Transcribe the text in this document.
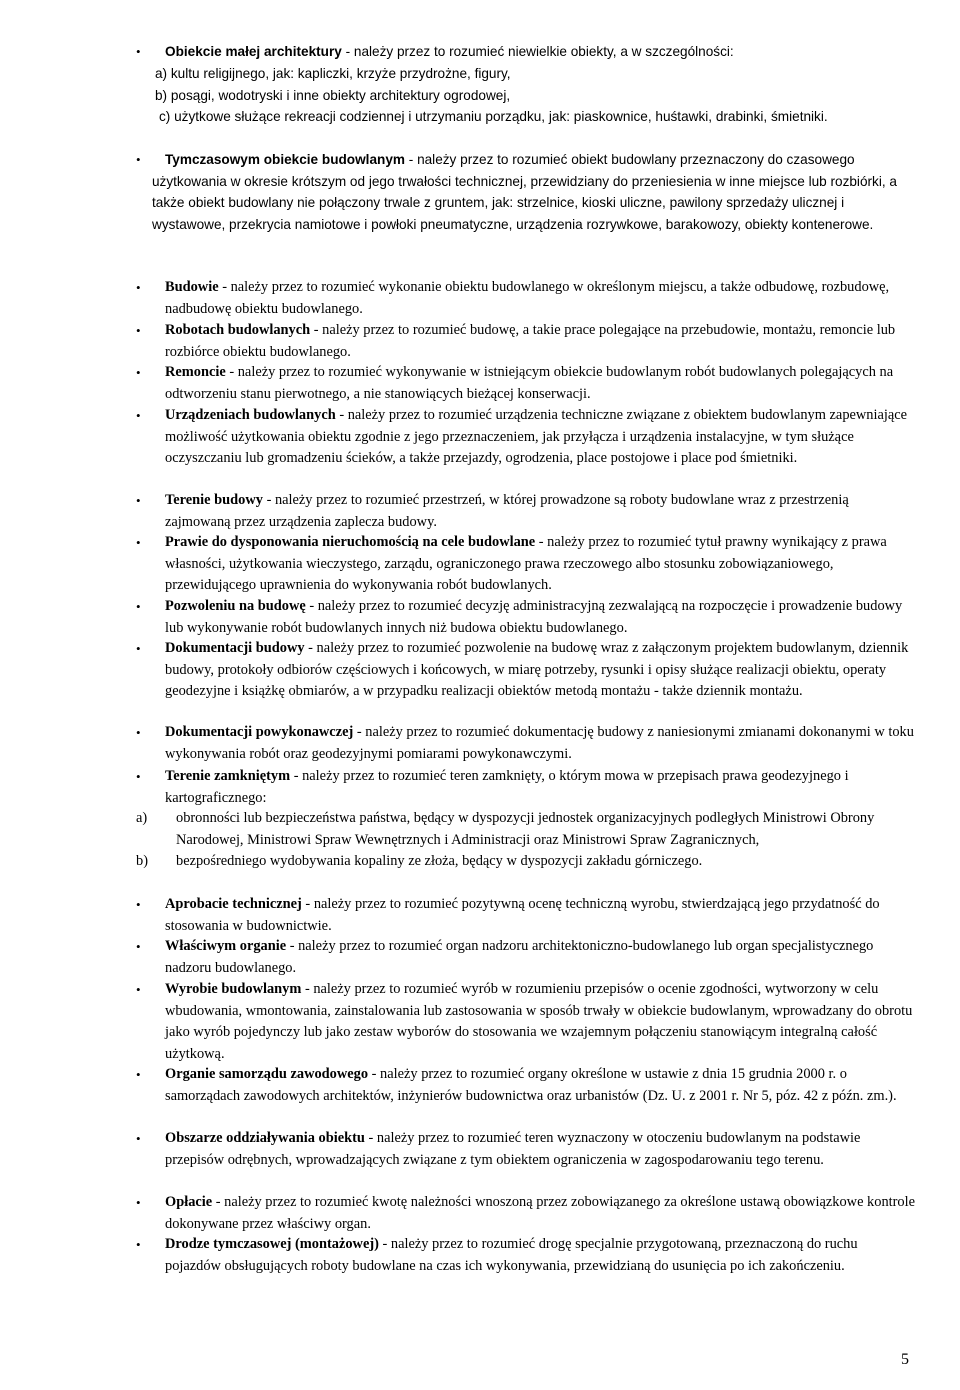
•
Obiekcie małej architektury - należy przez to rozumieć niewielkie obiekty, a w szczególności:
a) kultu religijnego, jak: kapliczki, krzyże przydrożne, figury,
b) posągi, wodotryski i inne obiekty architektury ogrodowej,
c) użytkowe służące rekreacji codziennej i utrzymaniu porządku, jak: piaskownice, huśtawki, drabinki, śmietniki.
•
Tymczasowym obiekcie budowlanym - należy przez to rozumieć obiekt budowlany przeznaczony do czasowego użytkowania w okresie krótszym od jego trwałości technicznej, przewidziany do przeniesienia w inne miejsce lub rozbiórki, a także obiekt budowlany nie połączony trwale z gruntem, jak: strzelnice, kioski uliczne, pawilony sprzedaży ulicznej i wystawowe, przekrycia namiotowe i powłoki pneumatyczne, urządzenia rozrywkowe, barakowozy, obiekty kontenerowe.
•
Budowie - należy przez to rozumieć wykonanie obiektu budowlanego w określonym miejscu, a także odbudowę, rozbudowę, nadbudowę obiektu budowlanego.
•
Robotach budowlanych - należy przez to rozumieć budowę, a takie prace polegające na przebudowie, montażu, remoncie lub rozbiórce obiektu budowlanego.
•
Remoncie - należy przez to rozumieć wykonywanie w istniejącym obiekcie budowlanym robót budowlanych polegających na odtworzeniu stanu pierwotnego, a nie stanowiących bieżącej konserwacji.
•
Urządzeniach budowlanych - należy przez to rozumieć urządzenia techniczne związane z obiektem budowlanym zapewniające możliwość użytkowania obiektu zgodnie z jego przeznaczeniem, jak przyłącza i urządzenia instalacyjne, w tym służące oczyszczaniu lub gromadzeniu ścieków, a także przejazdy, ogrodzenia, place postojowe i place pod śmietniki.
•
Terenie budowy - należy przez to rozumieć przestrzeń, w której prowadzone są roboty budowlane wraz z przestrzenią zajmowaną przez urządzenia zaplecza budowy.
•
Prawie do dysponowania nieruchomością na cele budowlane - należy przez to rozumieć tytuł prawny wynikający z prawa własności, użytkowania wieczystego, zarządu, ograniczonego prawa rzeczowego albo stosunku zobowiązaniowego, przewidującego uprawnienia do wykonywania robót budowlanych.
•
Pozwoleniu na budowę - należy przez to rozumieć decyzję administracyjną zezwalającą na rozpoczęcie i prowadzenie budowy lub wykonywanie robót budowlanych innych niż budowa obiektu budowlanego.
•
Dokumentacji budowy - należy przez to rozumieć pozwolenie na budowę wraz z załączonym projektem budowlanym, dziennik budowy, protokoły odbiorów częściowych i końcowych, w miarę potrzeby, rysunki i opisy służące realizacji obiektu, operaty geodezyjne i książkę obmiarów, a w przypadku realizacji obiektów metodą montażu - także dziennik montażu.
•
Dokumentacji powykonawczej - należy przez to rozumieć dokumentację budowy z naniesionymi zmianami dokonanymi w toku wykonywania robót oraz geodezyjnymi pomiarami powykonawczymi.
•
Terenie zamkniętym - należy przez to rozumieć teren zamknięty, o którym mowa w przepisach prawa geodezyjnego i kartograficznego:
a) obronności lub bezpieczeństwa państwa, będący w dyspozycji jednostek organizacyjnych podległych Ministrowi Obrony Narodowej, Ministrowi Spraw Wewnętrznych i Administracji oraz Ministrowi Spraw Zagranicznych,
b) bezpośredniego wydobywania kopaliny ze złoża, będący w dyspozycji zakładu górniczego.
•
Aprobacie technicznej - należy przez to rozumieć pozytywną ocenę techniczną wyrobu, stwierdzającą jego przydatność do stosowania w budownictwie.
•
Właściwym organie - należy przez to rozumieć organ nadzoru architektoniczno-budowlanego lub organ specjalistycznego nadzoru budowlanego.
•
Wyrobie budowlanym - należy przez to rozumieć wyrób w rozumieniu przepisów o ocenie zgodności, wytworzony w celu wbudowania, wmontowania, zainstalowania lub zastosowania w sposób trwały w obiekcie budowlanym, wprowadzany do obrotu jako wyrób pojedynczy lub jako zestaw wyborów do stosowania we wzajemnym połączeniu stanowiącym integralną całość użytkową.
•
Organie samorządu zawodowego - należy przez to rozumieć organy określone w ustawie z dnia 15 grudnia 2000 r. o samorządach zawodowych architektów, inżynierów budownictwa oraz urbanistów (Dz. U. z 2001 r. Nr 5, póz. 42 z późn. zm.).
•
Obszarze oddziaływania obiektu - należy przez to rozumieć teren wyznaczony w otoczeniu budowlanym na podstawie przepisów odrębnych, wprowadzających związane z tym obiektem ograniczenia w zagospodarowaniu tego terenu.
•
Opłacie - należy przez to rozumieć kwotę należności wnoszoną przez zobowiązanego za określone ustawą obowiązkowe kontrole dokonywane przez właściwy organ.
•
Drodze tymczasowej (montażowej) - należy przez to rozumieć drogę specjalnie przygotowaną, przeznaczoną do ruchu pojazdów obsługujących roboty budowlane na czas ich wykonywania, przewidzianą do usunięcia po ich zakończeniu.
5
